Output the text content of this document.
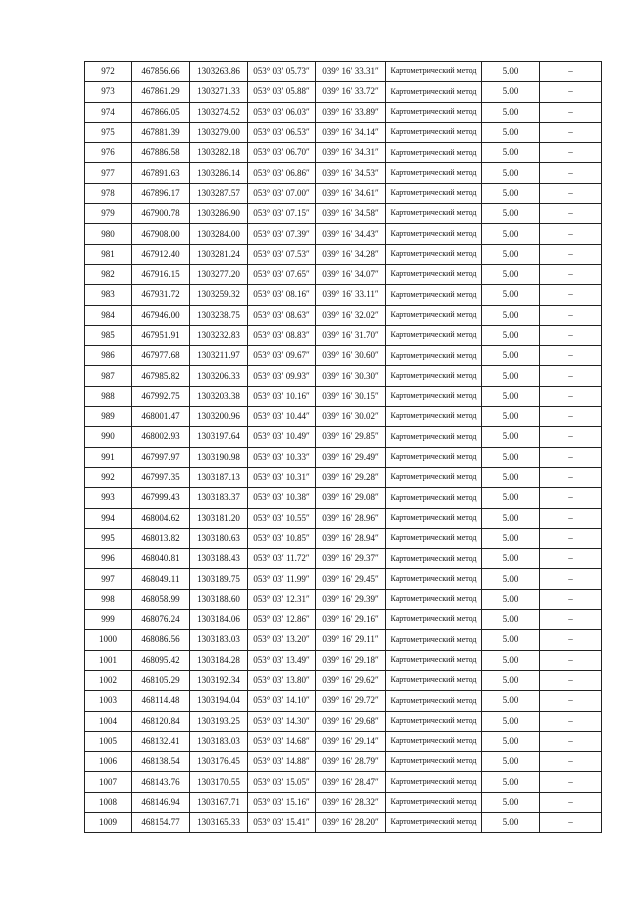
972	467856.66	1303263.86	053° 03′ 05.73″	039° 16′ 33.31″	Картометрический метод	5.00	–
973	467861.29	1303271.33	053° 03′ 05.88″	039° 16′ 33.72″	Картометрический метод	5.00	–
974	467866.05	1303274.52	053° 03′ 06.03″	039° 16′ 33.89″	Картометрический метод	5.00	–
975	467881.39	1303279.00	053° 03′ 06.53″	039° 16′ 34.14″	Картометрический метод	5.00	–
976	467886.58	1303282.18	053° 03′ 06.70″	039° 16′ 34.31″	Картометрический метод	5.00	–
977	467891.63	1303286.14	053° 03′ 06.86″	039° 16′ 34.53″	Картометрический метод	5.00	–
978	467896.17	1303287.57	053° 03′ 07.00″	039° 16′ 34.61″	Картометрический метод	5.00	–
979	467900.78	1303286.90	053° 03′ 07.15″	039° 16′ 34.58″	Картометрический метод	5.00	–
980	467908.00	1303284.00	053° 03′ 07.39″	039° 16′ 34.43″	Картометрический метод	5.00	–
981	467912.40	1303281.24	053° 03′ 07.53″	039° 16′ 34.28″	Картометрический метод	5.00	–
982	467916.15	1303277.20	053° 03′ 07.65″	039° 16′ 34.07″	Картометрический метод	5.00	–
983	467931.72	1303259.32	053° 03′ 08.16″	039° 16′ 33.11″	Картометрический метод	5.00	–
984	467946.00	1303238.75	053° 03′ 08.63″	039° 16′ 32.02″	Картометрический метод	5.00	–
985	467951.91	1303232.83	053° 03′ 08.83″	039° 16′ 31.70″	Картометрический метод	5.00	–
986	467977.68	1303211.97	053° 03′ 09.67″	039° 16′ 30.60″	Картометрический метод	5.00	–
987	467985.82	1303206.33	053° 03′ 09.93″	039° 16′ 30.30″	Картометрический метод	5.00	–
988	467992.75	1303203.38	053° 03′ 10.16″	039° 16′ 30.15″	Картометрический метод	5.00	–
989	468001.47	1303200.96	053° 03′ 10.44″	039° 16′ 30.02″	Картометрический метод	5.00	–
990	468002.93	1303197.64	053° 03′ 10.49″	039° 16′ 29.85″	Картометрический метод	5.00	–
991	467997.97	1303190.98	053° 03′ 10.33″	039° 16′ 29.49″	Картометрический метод	5.00	–
992	467997.35	1303187.13	053° 03′ 10.31″	039° 16′ 29.28″	Картометрический метод	5.00	–
993	467999.43	1303183.37	053° 03′ 10.38″	039° 16′ 29.08″	Картометрический метод	5.00	–
994	468004.62	1303181.20	053° 03′ 10.55″	039° 16′ 28.96″	Картометрический метод	5.00	–
995	468013.82	1303180.63	053° 03′ 10.85″	039° 16′ 28.94″	Картометрический метод	5.00	–
996	468040.81	1303188.43	053° 03′ 11.72″	039° 16′ 29.37″	Картометрический метод	5.00	–
997	468049.11	1303189.75	053° 03′ 11.99″	039° 16′ 29.45″	Картометрический метод	5.00	–
998	468058.99	1303188.60	053° 03′ 12.31″	039° 16′ 29.39″	Картометрический метод	5.00	–
999	468076.24	1303184.06	053° 03′ 12.86″	039° 16′ 29.16″	Картометрический метод	5.00	–
1000	468086.56	1303183.03	053° 03′ 13.20″	039° 16′ 29.11″	Картометрический метод	5.00	–
1001	468095.42	1303184.28	053° 03′ 13.49″	039° 16′ 29.18″	Картометрический метод	5.00	–
1002	468105.29	1303192.34	053° 03′ 13.80″	039° 16′ 29.62″	Картометрический метод	5.00	–
1003	468114.48	1303194.04	053° 03′ 14.10″	039° 16′ 29.72″	Картометрический метод	5.00	–
1004	468120.84	1303193.25	053° 03′ 14.30″	039° 16′ 29.68″	Картометрический метод	5.00	–
1005	468132.41	1303183.03	053° 03′ 14.68″	039° 16′ 29.14″	Картометрический метод	5.00	–
1006	468138.54	1303176.45	053° 03′ 14.88″	039° 16′ 28.79″	Картометрический метод	5.00	–
1007	468143.76	1303170.55	053° 03′ 15.05″	039° 16′ 28.47″	Картометрический метод	5.00	–
1008	468146.94	1303167.71	053° 03′ 15.16″	039° 16′ 28.32″	Картометрический метод	5.00	–
1009	468154.77	1303165.33	053° 03′ 15.41″	039° 16′ 28.20″	Картометрический метод	5.00	–
